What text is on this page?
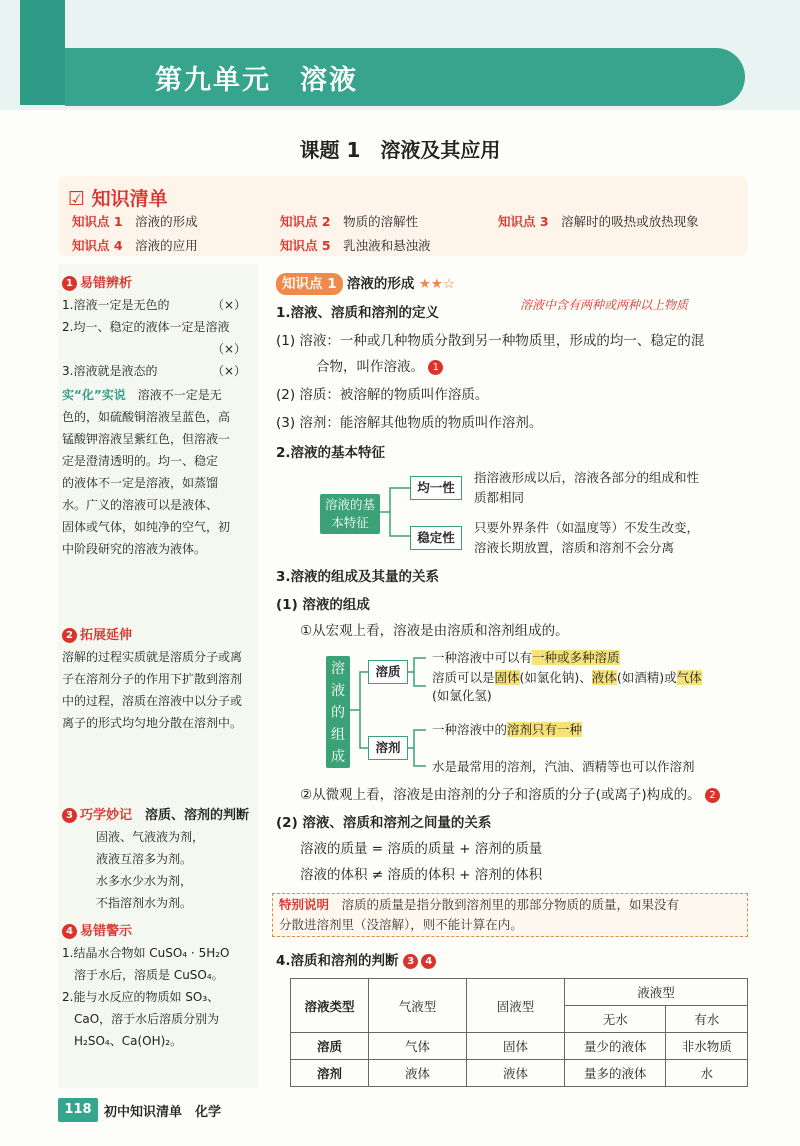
第九单元　溶液
课题 1　溶液及其应用
☑ 知识清单
知识点 1　 溶液的形成	知识点 2　 物质的溶解性	知识点 3　 溶解时的吸热或放热现象
知识点 4　 溶液的应用	知识点 5　 乳浊液和悬浊液
1 易错辨析
1.溶液一定是无色的	（×）
2.均一、稳定的液体一定是溶液
（×）
3.溶液就是液态的	（×）
实“化”实说　 溶液不一定是无
色的，如硫酸铜溶液呈蓝色，高
锰酸钾溶液呈紫红色，但溶液一
定是澄清透明的。均一、稳定
的液体不一定是溶液，如蒸馏
水。广义的溶液可以是液体、
固体或气体，如纯净的空气，初
中阶段研究的溶液为液体。
2 拓展延伸
溶解的过程实质就是溶质分子或离
子在溶剂分子的作用下扩散到溶剂
中的过程，溶质在溶液中以分子或
离子的形式均匀地分散在溶剂中。
3 巧学妙记　 溶质、溶剂的判断
固液、气液液为剂，
液液互溶多为剂。
水多水少水为剂，
不指溶剂水为剂。
4 易错警示
1.结晶水合物如 CuSO₄ · 5H₂O
　溶于水后，溶质是 CuSO₄。
2.能与水反应的物质如 SO₃、
　CaO，溶于水后溶质分别为
　H₂SO₄、Ca(OH)₂。
知识点 1 溶液的形成 ★★☆
溶液中含有两种或两种以上物质
1.溶液、溶质和溶剂的定义
(1) 溶液：一种或几种物质分散到另一种物质里，形成的均一、稳定的混
合物，叫作溶液。 1
(2) 溶质：被溶解的物质叫作溶质。
(3) 溶剂：能溶解其他物质的物质叫作溶剂。
2.溶液的基本特征
溶液的基本特征
均一性
指溶液形成以后，溶液各部分的组成和性
质都相同
稳定性
只要外界条件（如温度等）不发生改变，
溶液长期放置，溶质和溶剂不会分离
3.溶液的组成及其量的关系
(1) 溶液的组成
①从宏观上看，溶液是由溶质和溶剂组成的。
溶液的组成
溶质
一种溶液中可以有一种或多种溶质
溶质可以是固体(如氯化钠)、液体(如酒精)或气体
(如氯化氢)
溶剂
一种溶液中的溶剂只有一种
水是最常用的溶剂，汽油、酒精等也可以作溶剂
②从微观上看，溶液是由溶剂的分子和溶质的分子(或离子)构成的。 2
(2) 溶液、溶质和溶剂之间量的关系
溶液的质量 = 溶质的质量 + 溶剂的质量
溶液的体积 ≠ 溶质的体积 + 溶剂的体积
特别说明　 溶质的质量是指分散到溶剂里的那部分物质的质量，如果没有
分散进溶剂里（没溶解），则不能计算在内。
4.溶质和溶剂的判断 3 4
溶液类型	气液型	固液型	液液型	
			无水	有水
溶质	气体	固体	量少的液体	非水物质
溶剂	液体	液体	量多的液体	水
118 初中知识清单　化学
